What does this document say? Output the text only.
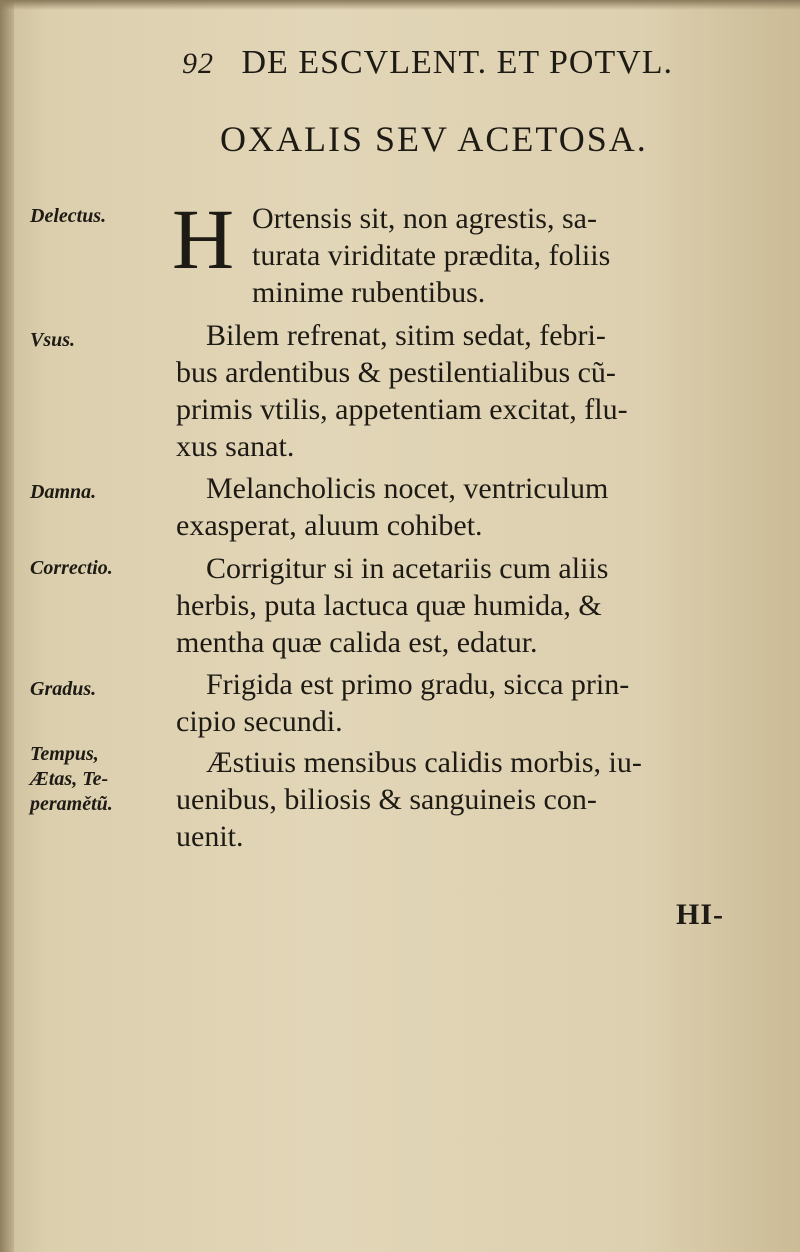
92 DE ESCVLENT. ET POTVL.
OXALIS SEV ACETOSA.
Delectus.
Vsus.
Damna.
Correctio.
Gradus.
Tempus,
Ætas, Te-
peramětũ.
H Ortensis sit, non agrestis, sa-
turata viriditate prædita, foliis
minime rubentibus.
Bilem refrenat, sitim sedat, febri-
bus ardentibus & pestilentialibus cũ-
primis vtilis, appetentiam excitat, flu-
xus sanat.
Melancholicis nocet, ventriculum
exasperat, aluum cohibet.
Corrigitur si in acetariis cum aliis
herbis, puta lactuca quæ humida, &
mentha quæ calida est, edatur.
Frigida est primo gradu, sicca prin-
cipio secundi.
Æstiuis mensibus calidis morbis, iu-
uenibus, biliosis & sanguineis con-
uenit.
HI-
